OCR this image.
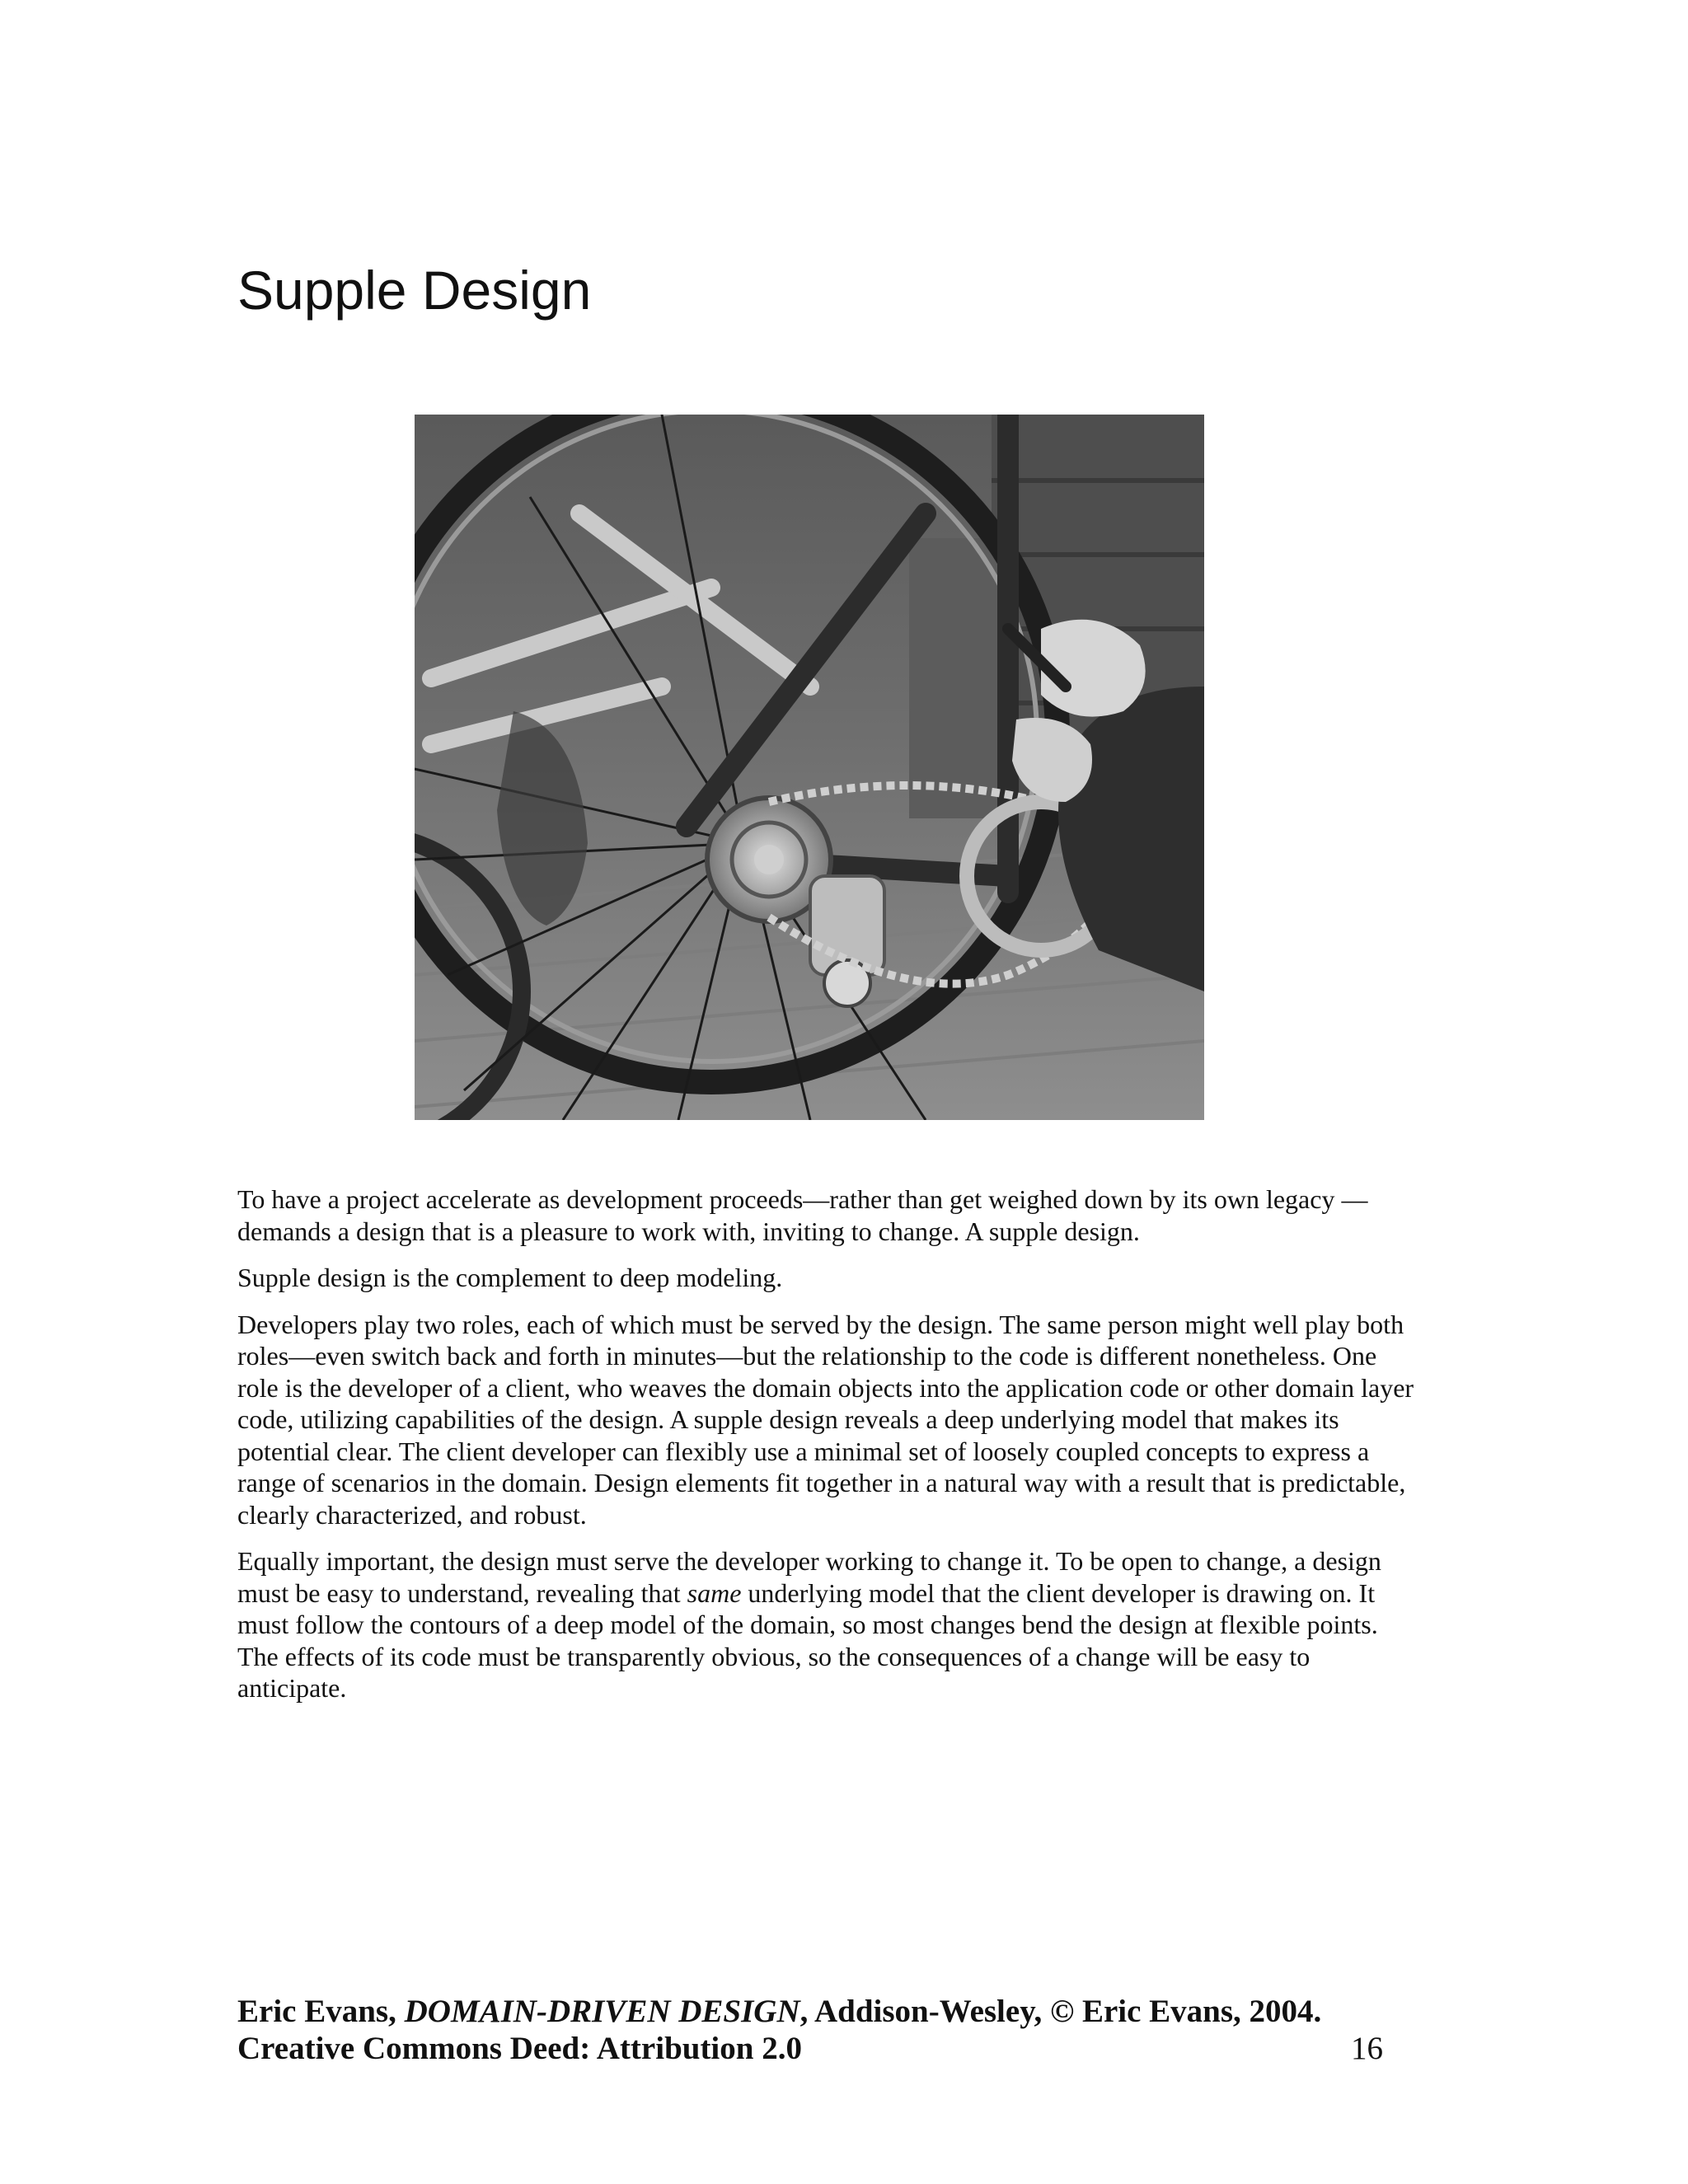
Supple Design

To have a project accelerate as development proceeds—rather than get weighed down by its own legacy —demands a design that is a pleasure to work with, inviting to change. A supple design.

Supple design is the complement to deep modeling.

Developers play two roles, each of which must be served by the design. The same person might well play both roles—even switch back and forth in minutes—but the relationship to the code is different nonetheless. One role is the developer of a client, who weaves the domain objects into the application code or other domain layer code, utilizing capabilities of the design. A supple design reveals a deep underlying model that makes its potential clear. The client developer can flexibly use a minimal set of loosely coupled concepts to express a range of scenarios in the domain. Design elements fit together in a natural way with a result that is predictable, clearly characterized, and robust.

Equally important, the design must serve the developer working to change it. To be open to change, a design must be easy to understand, revealing that same underlying model that the client developer is drawing on. It must follow the contours of a deep model of the domain, so most changes bend the design at flexible points. The effects of its code must be transparently obvious, so the consequences of a change will be easy to anticipate.

Eric Evans, DOMAIN-DRIVEN DESIGN, Addison-Wesley, © Eric Evans, 2004.
Creative Commons Deed: Attribution 2.0	16
